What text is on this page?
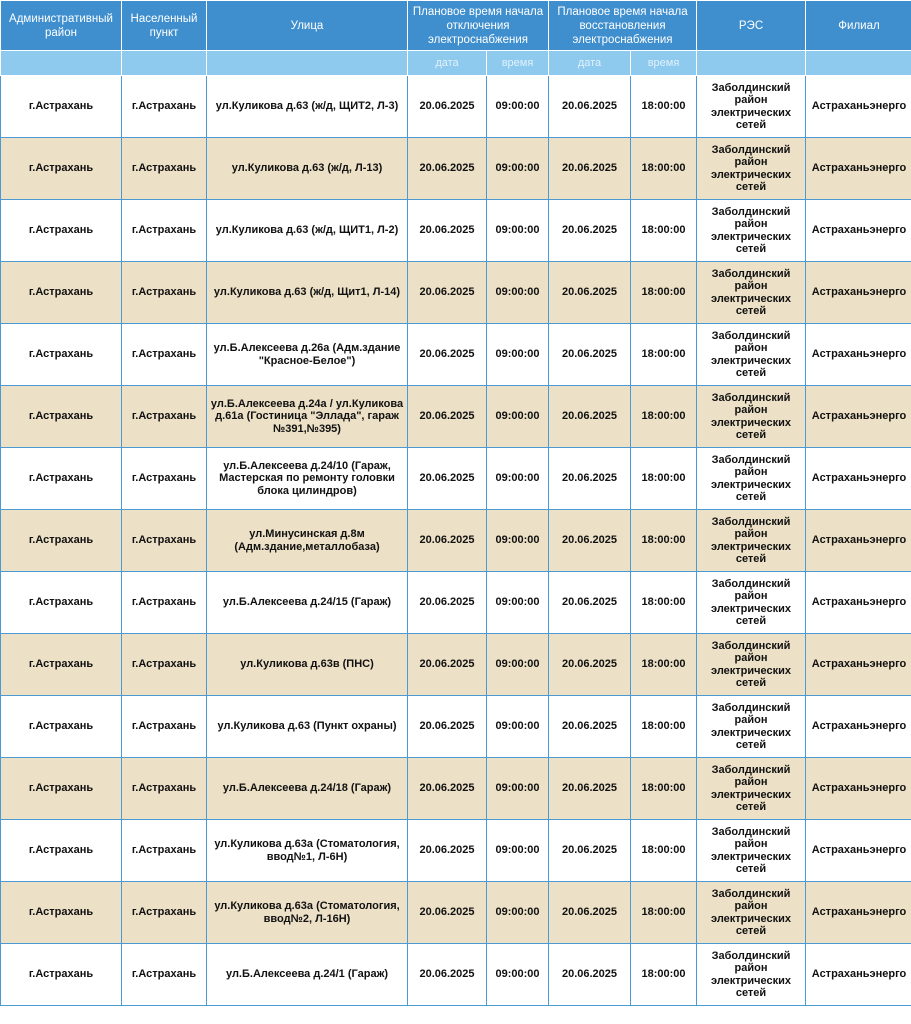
Административный район	Населенный пункт	Улица	Плановое время начала отключения электроснабжения		Плановое время начала восстановления электроснабжения		РЭС	Филиал
			дата	время	дата	время		
г.Астрахань	г.Астрахань	ул.Куликова д.63 (ж/д, ЩИТ2, Л-3)	20.06.2025	09:00:00	20.06.2025	18:00:00	Заболдинский район электрических сетей	Астраханьэнерго
г.Астрахань	г.Астрахань	ул.Куликова д.63 (ж/д, Л-13)	20.06.2025	09:00:00	20.06.2025	18:00:00	Заболдинский район электрических сетей	Астраханьэнерго
г.Астрахань	г.Астрахань	ул.Куликова д.63 (ж/д, ЩИТ1, Л-2)	20.06.2025	09:00:00	20.06.2025	18:00:00	Заболдинский район электрических сетей	Астраханьэнерго
г.Астрахань	г.Астрахань	ул.Куликова д.63 (ж/д, Щит1, Л-14)	20.06.2025	09:00:00	20.06.2025	18:00:00	Заболдинский район электрических сетей	Астраханьэнерго
г.Астрахань	г.Астрахань	ул.Б.Алексеева д.26а (Адм.здание "Красное-Белое")	20.06.2025	09:00:00	20.06.2025	18:00:00	Заболдинский район электрических сетей	Астраханьэнерго
г.Астрахань	г.Астрахань	ул.Б.Алексеева д.24а / ул.Куликова д.61а (Гостиница "Эллада", гараж №391,№395)	20.06.2025	09:00:00	20.06.2025	18:00:00	Заболдинский район электрических сетей	Астраханьэнерго
г.Астрахань	г.Астрахань	ул.Б.Алексеева д.24/10 (Гараж, Мастерская по ремонту головки блока цилиндров)	20.06.2025	09:00:00	20.06.2025	18:00:00	Заболдинский район электрических сетей	Астраханьэнерго
г.Астрахань	г.Астрахань	ул.Минусинская д.8м (Адм.здание,металлобаза)	20.06.2025	09:00:00	20.06.2025	18:00:00	Заболдинский район электрических сетей	Астраханьэнерго
г.Астрахань	г.Астрахань	ул.Б.Алексеева д.24/15 (Гараж)	20.06.2025	09:00:00	20.06.2025	18:00:00	Заболдинский район электрических сетей	Астраханьэнерго
г.Астрахань	г.Астрахань	ул.Куликова д.63в (ПНС)	20.06.2025	09:00:00	20.06.2025	18:00:00	Заболдинский район электрических сетей	Астраханьэнерго
г.Астрахань	г.Астрахань	ул.Куликова д.63 (Пункт охраны)	20.06.2025	09:00:00	20.06.2025	18:00:00	Заболдинский район электрических сетей	Астраханьэнерго
г.Астрахань	г.Астрахань	ул.Б.Алексеева д.24/18 (Гараж)	20.06.2025	09:00:00	20.06.2025	18:00:00	Заболдинский район электрических сетей	Астраханьэнерго
г.Астрахань	г.Астрахань	ул.Куликова д.63а (Стоматология, ввод№1, Л-6Н)	20.06.2025	09:00:00	20.06.2025	18:00:00	Заболдинский район электрических сетей	Астраханьэнерго
г.Астрахань	г.Астрахань	ул.Куликова д.63а (Стоматология, ввод№2, Л-16Н)	20.06.2025	09:00:00	20.06.2025	18:00:00	Заболдинский район электрических сетей	Астраханьэнерго
г.Астрахань	г.Астрахань	ул.Б.Алексеева д.24/1 (Гараж)	20.06.2025	09:00:00	20.06.2025	18:00:00	Заболдинский район электрических сетей	Астраханьэнерго
